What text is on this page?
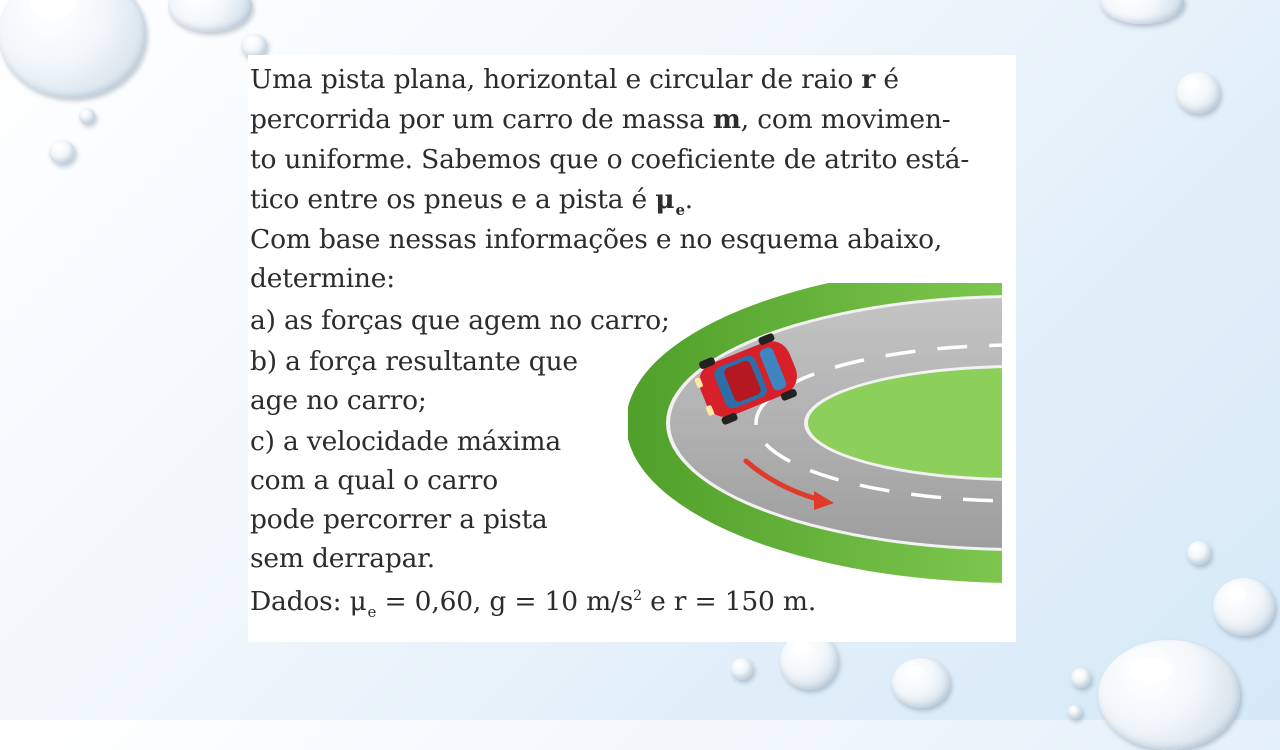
Uma pista plana, horizontal e circular de raio r é

percorrida por um carro de massa m, com movimen-

to uniforme. Sabemos que o coeficiente de atrito está-

tico entre os pneus e a pista é $\mu_e$.

Com base nessas informações e no esquema abaixo,

determine:

a) as forças que agem no carro;

b) a força resultante que

age no carro;

c) a velocidade máxima

com a qual o carro

pode percorrer a pista

sem derrapar.

Dados: $\mu_e = 0,60$, g = 10 $m/s^2$ e r = 150 m.
